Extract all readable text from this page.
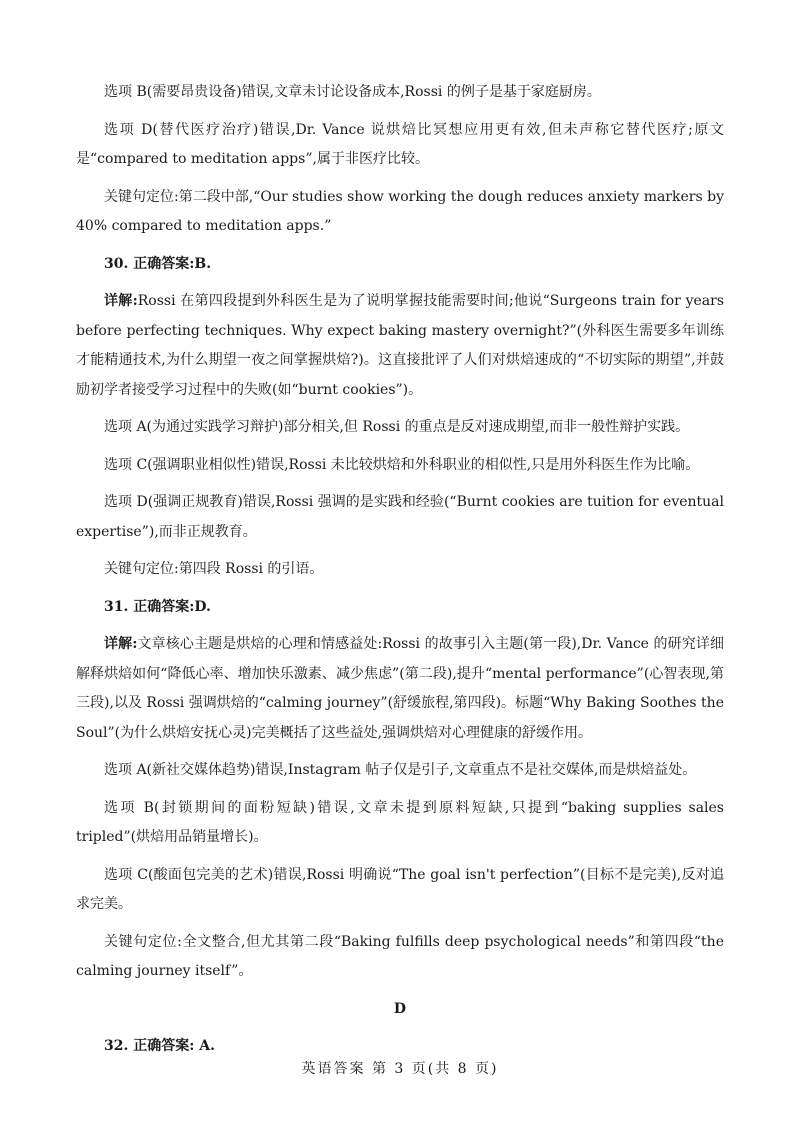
选项 B(需要昂贵设备)错误,文章未讨论设备成本,Rossi 的例子是基于家庭厨房。

选项 D(替代医疗治疗)错误,Dr. Vance 说烘焙比冥想应用更有效,但未声称它替代医疗;原文是“compared to meditation apps”,属于非医疗比较。

关键句定位:第二段中部,“Our studies show working the dough reduces anxiety markers by 40% compared to meditation apps.”

30. 正确答案:B.

详解:Rossi 在第四段提到外科医生是为了说明掌握技能需要时间;他说“Surgeons train for years before perfecting techniques. Why expect baking mastery overnight?”(外科医生需要多年训练才能精通技术,为什么期望一夜之间掌握烘焙?)。这直接批评了人们对烘焙速成的“不切实际的期望”,并鼓励初学者接受学习过程中的失败(如“burnt cookies”)。

选项 A(为通过实践学习辩护)部分相关,但 Rossi 的重点是反对速成期望,而非一般性辩护实践。

选项 C(强调职业相似性)错误,Rossi 未比较烘焙和外科职业的相似性,只是用外科医生作为比喻。

选项 D(强调正规教育)错误,Rossi 强调的是实践和经验(“Burnt cookies are tuition for eventual expertise”),而非正规教育。

关键句定位:第四段 Rossi 的引语。

31. 正确答案:D.

详解:文章核心主题是烘焙的心理和情感益处:Rossi 的故事引入主题(第一段),Dr. Vance 的研究详细解释烘焙如何“降低心率、增加快乐激素、减少焦虑”(第二段),提升“mental performance”(心智表现,第三段),以及 Rossi 强调烘焙的“calming journey”(舒缓旅程,第四段)。标题“Why Baking Soothes the Soul”(为什么烘焙安抚心灵)完美概括了这些益处,强调烘焙对心理健康的舒缓作用。

选项 A(新社交媒体趋势)错误,Instagram 帖子仅是引子,文章重点不是社交媒体,而是烘焙益处。

选项 B(封锁期间的面粉短缺)错误,文章未提到原料短缺,只提到“baking supplies sales tripled”(烘焙用品销量增长)。

选项 C(酸面包完美的艺术)错误,Rossi 明确说“The goal isn't perfection”(目标不是完美),反对追求完美。

关键句定位:全文整合,但尤其第二段“Baking fulfills deep psychological needs”和第四段“the calming journey itself”。

D

32. 正确答案: A.

英语答案 第 3 页(共 8 页)
